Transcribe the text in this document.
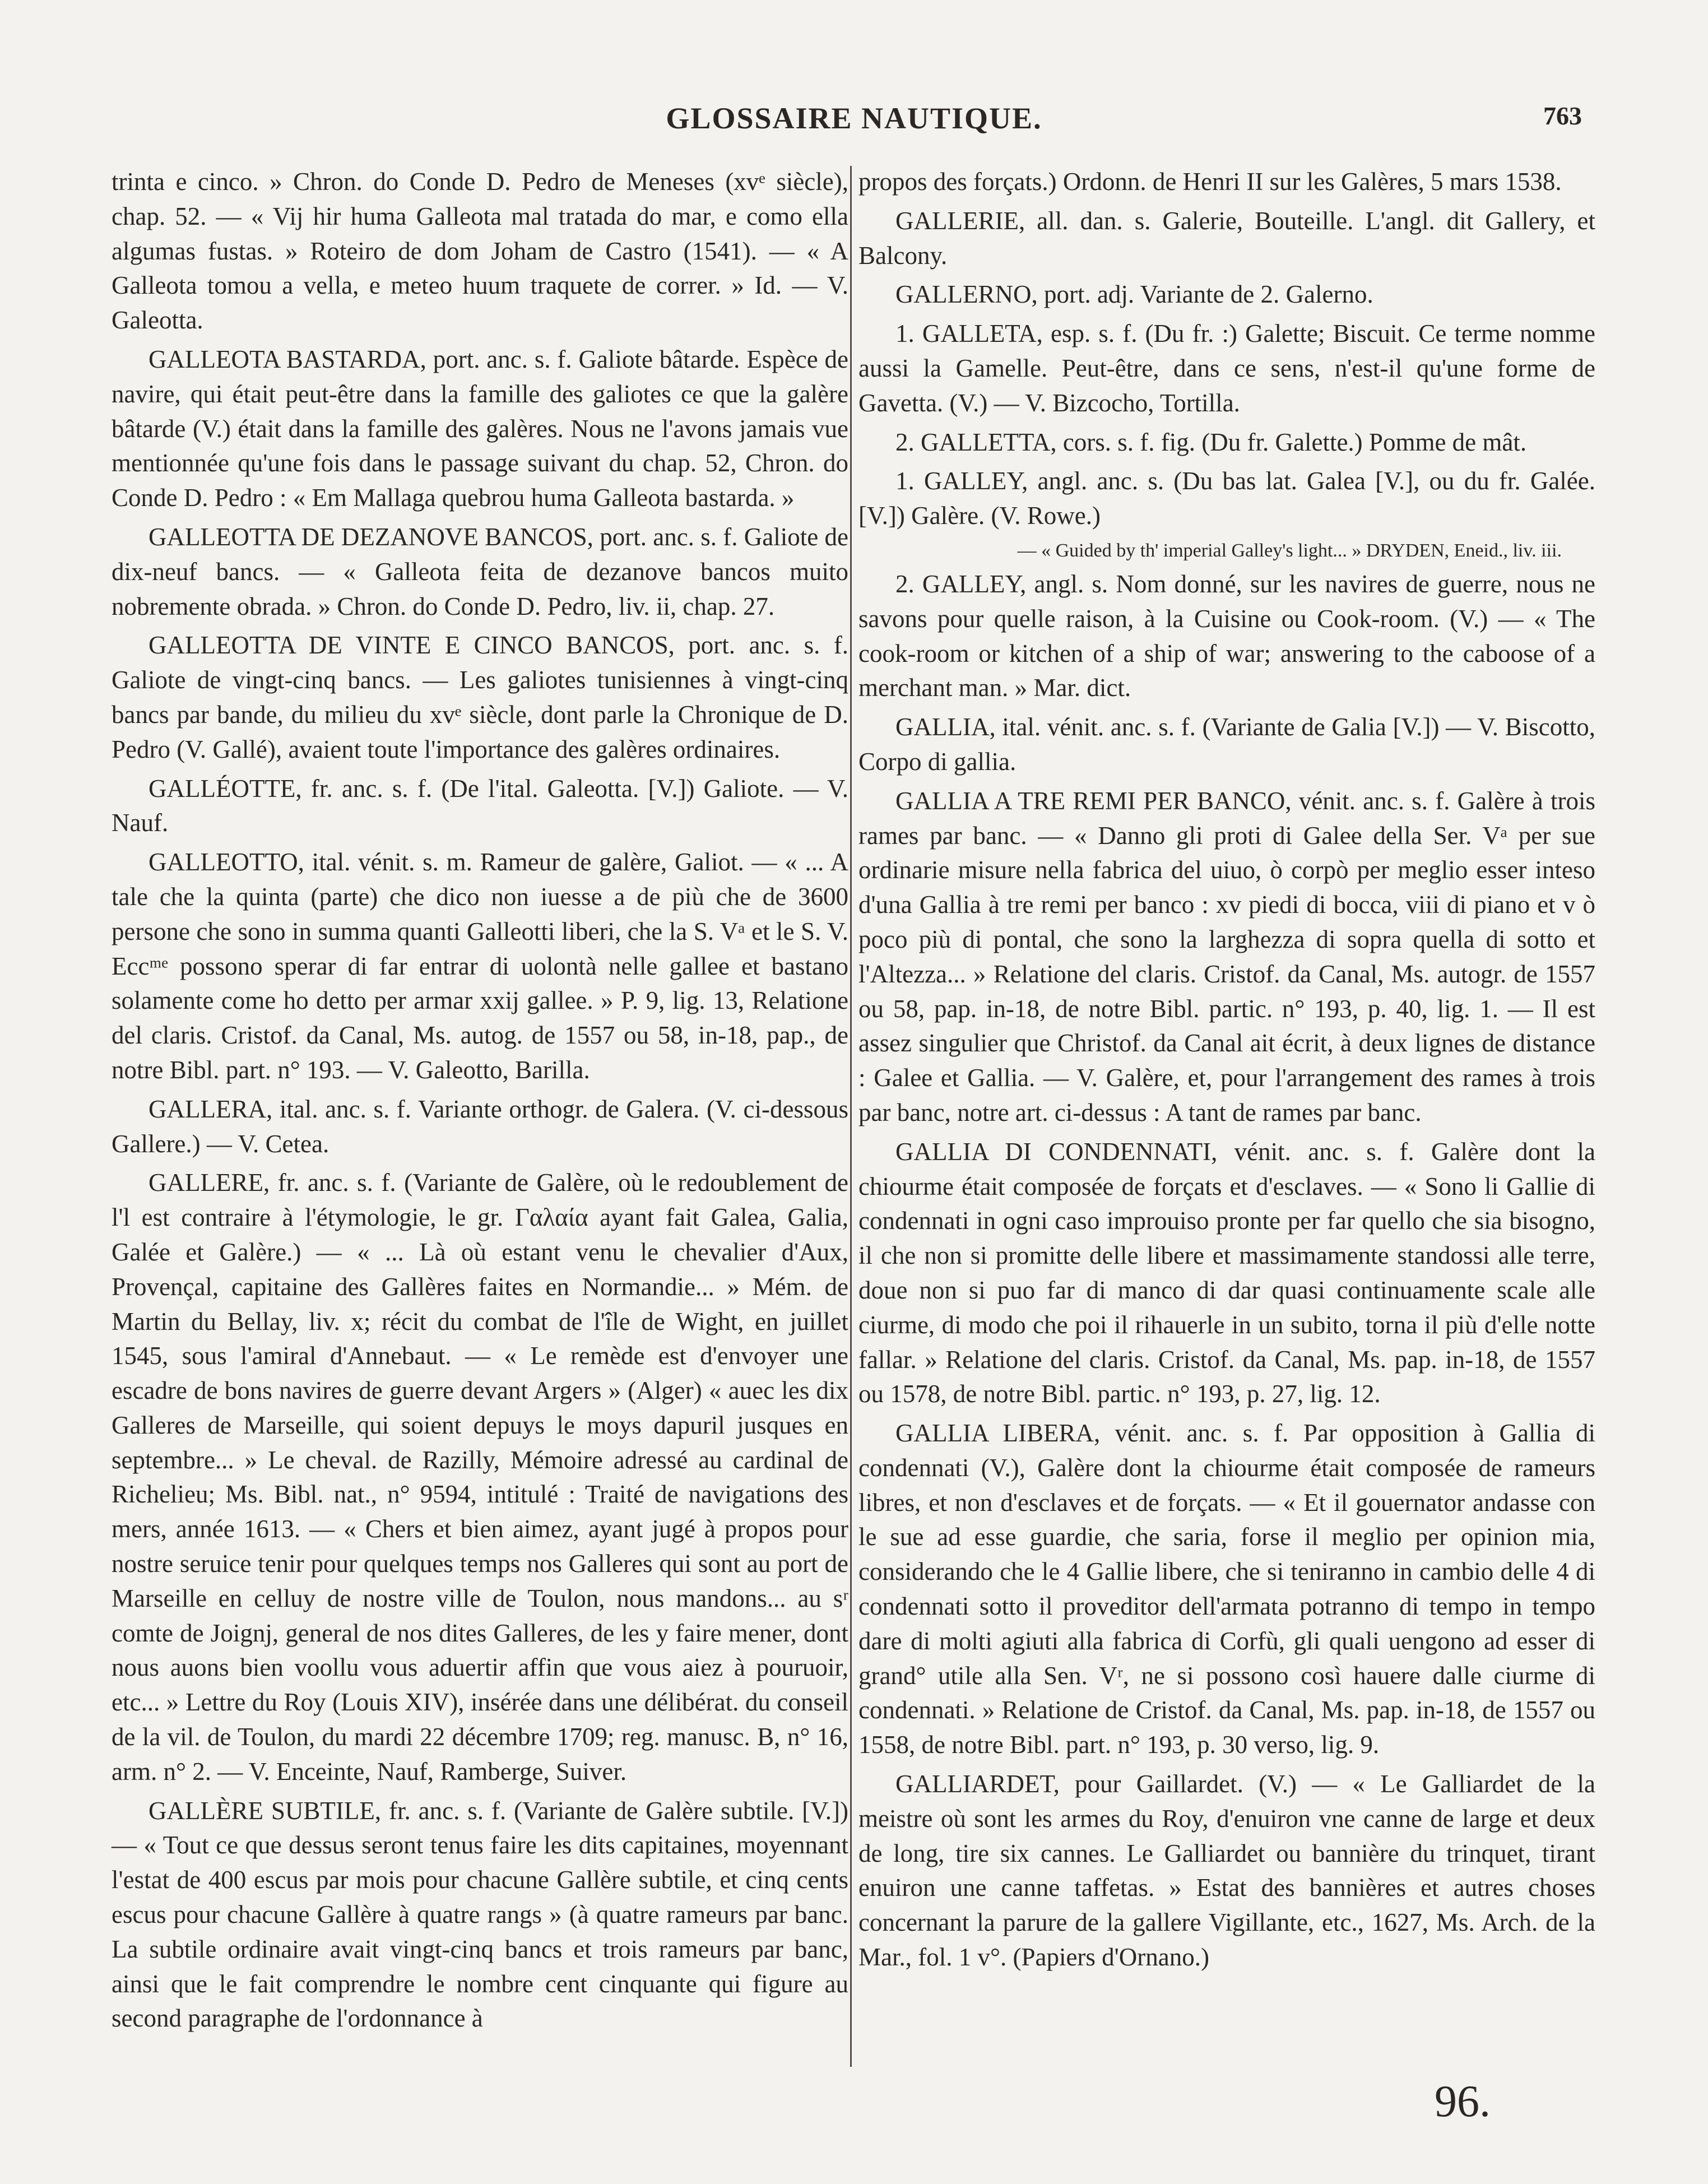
GLOSSAIRE NAUTIQUE.	763

trinta e cinco. » Chron. do Conde D. Pedro de Meneses (xvᵉ siècle), chap. 52. — « Vij hir huma Galleota mal tratada do mar, e como ella algumas fustas. » Roteiro de dom Joham de Castro (1541). — « A Galleota tomou a vella, e meteo huum traquete de correr. » Id. — V. Galeotta.

GALLEOTA BASTARDA, port. anc. s. f. Galiote bâtarde. Espèce de navire, qui était peut-être dans la famille des galiotes ce que la galère bâtarde (V.) était dans la famille des galères. Nous ne l'avons jamais vue mentionnée qu'une fois dans le passage suivant du chap. 52, Chron. do Conde D. Pedro : « Em Mallaga quebrou huma Galleota bastarda. »

GALLEOTTA DE DEZANOVE BANCOS, port. anc. s. f. Galiote de dix-neuf bancs. — « Galleota feita de dezanove bancos muito nobremente obrada. » Chron. do Conde D. Pedro, liv. ii, chap. 27.

GALLEOTTA DE VINTE E CINCO BANCOS, port. anc. s. f. Galiote de vingt-cinq bancs. — Les galiotes tunisiennes à vingt-cinq bancs par bande, du milieu du xvᵉ siècle, dont parle la Chronique de D. Pedro (V. Gallé), avaient toute l'importance des galères ordinaires.

GALLÉOTTE, fr. anc. s. f. (De l'ital. Galeotta. [V.]) Galiote. — V. Nauf.

GALLEOTTO, ital. vénit. s. m. Rameur de galère, Galiot. — « ... A tale che la quinta (parte) che dico non iuesse a de più che de 3600 persone che sono in summa quanti Galleotti liberi, che la S. Vᵃ et le S. V. Eccᵐᵉ possono sperar di far entrar di uolontà nelle gallee et bastano solamente come ho detto per armar xxij gallee. » P. 9, lig. 13, Relatione del claris. Cristof. da Canal, Ms. autog. de 1557 ou 58, in-18, pap., de notre Bibl. part. n° 193. — V. Galeotto, Barilla.

GALLERA, ital. anc. s. f. Variante orthogr. de Galera. (V. ci-dessous Gallere.) — V. Cetea.

GALLERE, fr. anc. s. f. (Variante de Galère, où le redoublement de l'l est contraire à l'étymologie, le gr. Γαλαία ayant fait Galea, Galia, Galée et Galère.) — « ... Là où estant venu le chevalier d'Aux, Provençal, capitaine des Gallères faites en Normandie... » Mém. de Martin du Bellay, liv. x; récit du combat de l'île de Wight, en juillet 1545, sous l'amiral d'Annebaut. — « Le remède est d'envoyer une escadre de bons navires de guerre devant Argers » (Alger) « auec les dix Galleres de Marseille, qui soient depuys le moys dapuril jusques en septembre... » Le cheval. de Razilly, Mémoire adressé au cardinal de Richelieu; Ms. Bibl. nat., n° 9594, intitulé : Traité de navigations des mers, année 1613. — « Chers et bien aimez, ayant jugé à propos pour nostre seruice tenir pour quelques temps nos Galleres qui sont au port de Marseille en celluy de nostre ville de Toulon, nous mandons... au sʳ comte de Joignj, general de nos dites Galleres, de les y faire mener, dont nous auons bien voollu vous aduertir affin que vous aiez à pouruoir, etc... » Lettre du Roy (Louis XIV), insérée dans une délibérat. du conseil de la vil. de Toulon, du mardi 22 décembre 1709; reg. manusc. B, n° 16, arm. n° 2. — V. Enceinte, Nauf, Ramberge, Suiver.

GALLÈRE SUBTILE, fr. anc. s. f. (Variante de Galère subtile. [V.]) — « Tout ce que dessus seront tenus faire les dits capitaines, moyennant l'estat de 400 escus par mois pour chacune Gallère subtile, et cinq cents escus pour chacune Gallère à quatre rangs » (à quatre rameurs par banc. La subtile ordinaire avait vingt-cinq bancs et trois rameurs par banc, ainsi que le fait comprendre le nombre cent cinquante qui figure au second paragraphe de l'ordonnance à

propos des forçats.) Ordonn. de Henri II sur les Galères, 5 mars 1538.

GALLERIE, all. dan. s. Galerie, Bouteille. L'angl. dit Gallery, et Balcony.

GALLERNO, port. adj. Variante de 2. Galerno.

1. GALLETA, esp. s. f. (Du fr. :) Galette; Biscuit. Ce terme nomme aussi la Gamelle. Peut-être, dans ce sens, n'est-il qu'une forme de Gavetta. (V.) — V. Bizcocho, Tortilla.

2. GALLETTA, cors. s. f. fig. (Du fr. Galette.) Pomme de mât.

1. GALLEY, angl. anc. s. (Du bas lat. Galea [V.], ou du fr. Galée. [V.]) Galère. (V. Rowe.)

— « Guided by th' imperial Galley's light... » DRYDEN, Eneid., liv. iii.

2. GALLEY, angl. s. Nom donné, sur les navires de guerre, nous ne savons pour quelle raison, à la Cuisine ou Cook-room. (V.) — « The cook-room or kitchen of a ship of war; answering to the caboose of a merchant man. » Mar. dict.

GALLIA, ital. vénit. anc. s. f. (Variante de Galia [V.]) — V. Biscotto, Corpo di gallia.

GALLIA A TRE REMI PER BANCO, vénit. anc. s. f. Galère à trois rames par banc. — « Danno gli proti di Galee della Ser. Vᵃ per sue ordinarie misure nella fabrica del uiuo, ò corpò per meglio esser inteso d'una Gallia à tre remi per banco : xv piedi di bocca, viii di piano et v ò poco più di pontal, che sono la larghezza di sopra quella di sotto et l'Altezza... » Relatione del claris. Cristof. da Canal, Ms. autogr. de 1557 ou 58, pap. in-18, de notre Bibl. partic. n° 193, p. 40, lig. 1. — Il est assez singulier que Christof. da Canal ait écrit, à deux lignes de distance : Galee et Gallia. — V. Galère, et, pour l'arrangement des rames à trois par banc, notre art. ci-dessus : A tant de rames par banc.

GALLIA DI CONDENNATI, vénit. anc. s. f. Galère dont la chiourme était composée de forçats et d'esclaves. — « Sono li Gallie di condennati in ogni caso improuiso pronte per far quello che sia bisogno, il che non si promitte delle libere et massimamente standossi alle terre, doue non si puo far di manco di dar quasi continuamente scale alle ciurme, di modo che poi il rihauerle in un subito, torna il più d'elle notte fallar. » Relatione del claris. Cristof. da Canal, Ms. pap. in-18, de 1557 ou 1578, de notre Bibl. partic. n° 193, p. 27, lig. 12.

GALLIA LIBERA, vénit. anc. s. f. Par opposition à Gallia di condennati (V.), Galère dont la chiourme était composée de rameurs libres, et non d'esclaves et de forçats. — « Et il gouernator andasse con le sue ad esse guardie, che saria, forse il meglio per opinion mia, considerando che le 4 Gallie libere, che si teniranno in cambio delle 4 di condennati sotto il proveditor dell'armata potranno di tempo in tempo dare di molti agiuti alla fabrica di Corfù, gli quali uengono ad esser di grand° utile alla Sen. Vʳ, ne si possono così hauere dalle ciurme di condennati. » Relatione de Cristof. da Canal, Ms. pap. in-18, de 1557 ou 1558, de notre Bibl. part. n° 193, p. 30 verso, lig. 9.

GALLIARDET, pour Gaillardet. (V.) — « Le Galliardet de la meistre où sont les armes du Roy, d'enuiron vne canne de large et deux de long, tire six cannes. Le Galliardet ou bannière du trinquet, tirant enuiron une canne taffetas. » Estat des bannières et autres choses concernant la parure de la gallere Vigillante, etc., 1627, Ms. Arch. de la Mar., fol. 1 v°. (Papiers d'Ornano.)

96.
